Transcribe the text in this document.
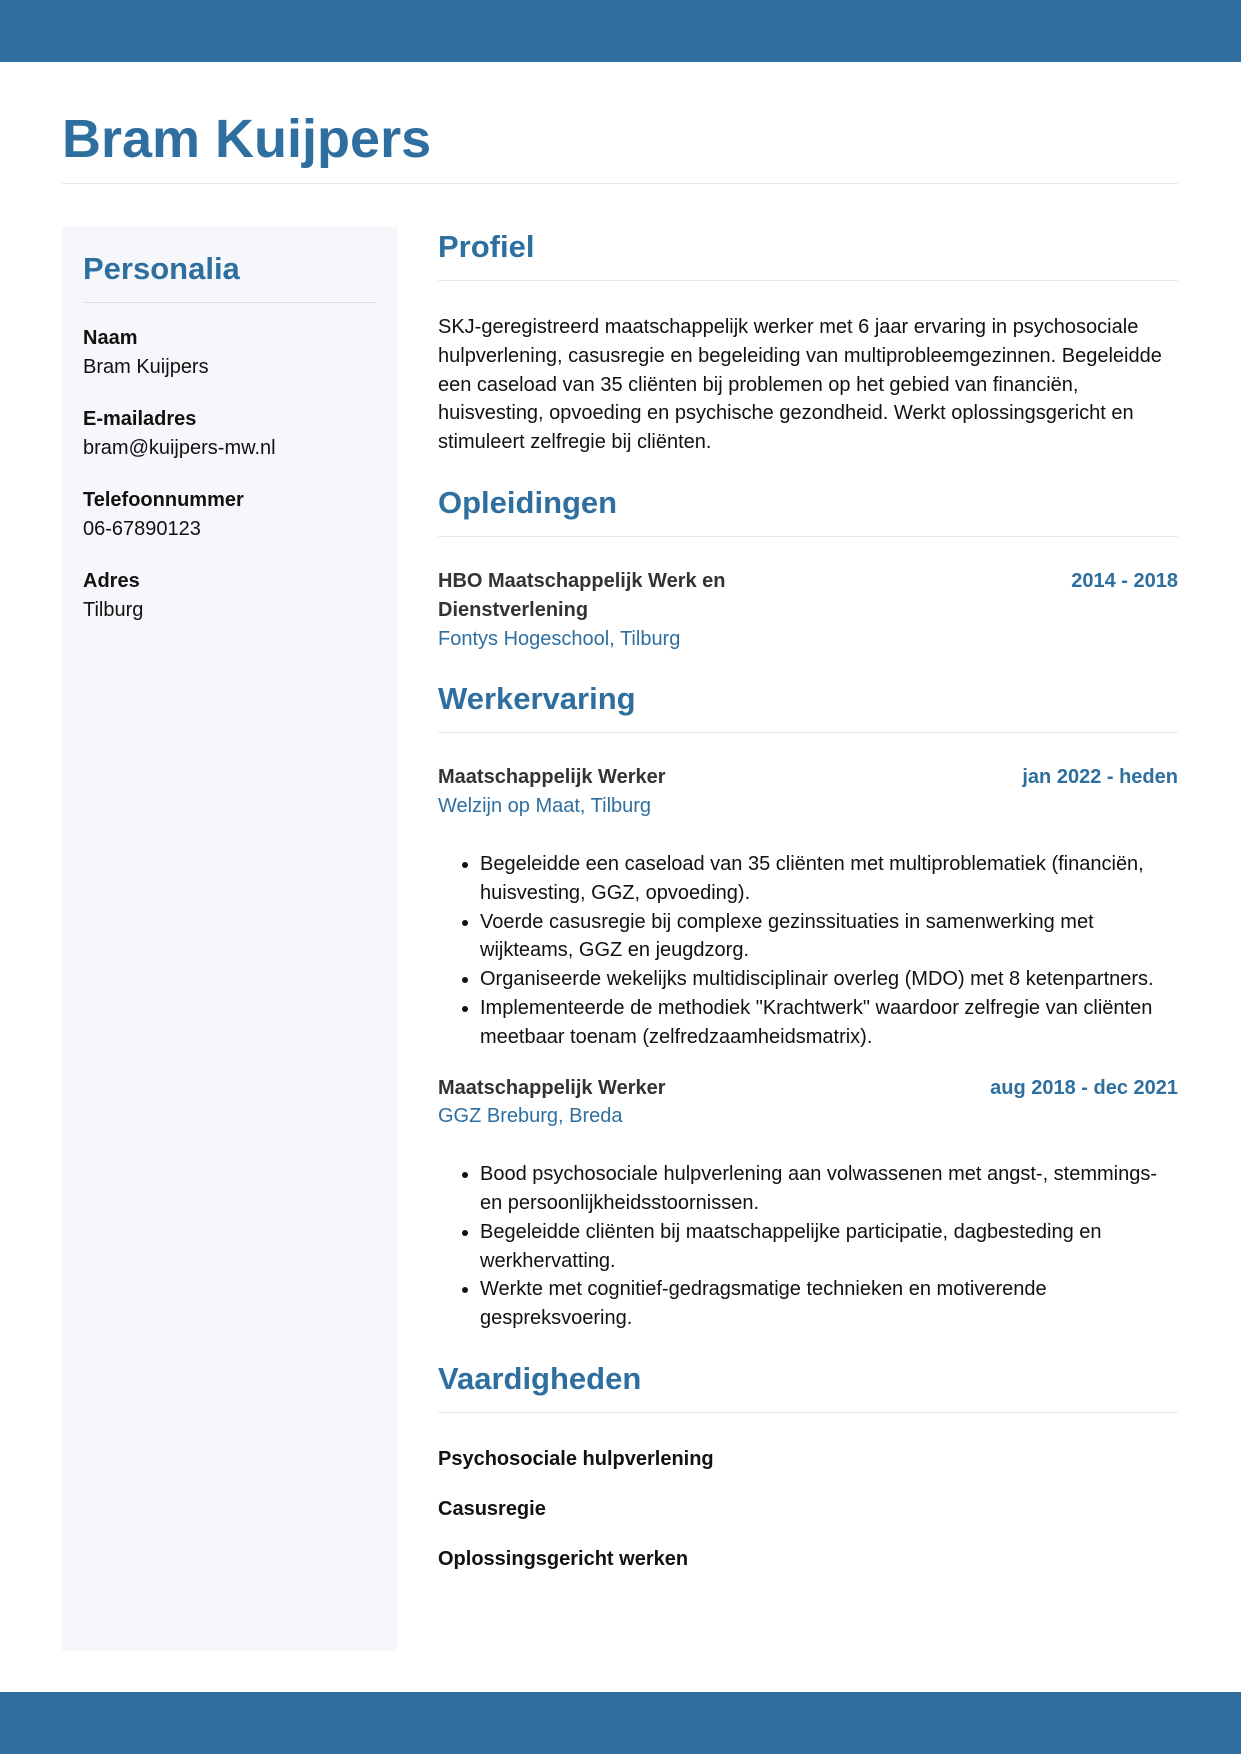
Bram Kuijpers
Personalia
Naam
Bram Kuijpers
E-mailadres
bram@kuijpers-mw.nl
Telefoonnummer
06-67890123
Adres
Tilburg
Profiel

SKJ-geregistreerd maatschappelijk werker met 6 jaar ervaring in psychosociale hulpverlening, casusregie en begeleiding van multiprobleemgezinnen. Begeleidde een caseload van 35 cliënten bij problemen op het gebied van financiën, huisvesting, opvoeding en psychische gezondheid. Werkt oplossingsgericht en stimuleert zelfregie bij cliënten.

Opleidingen
HBO Maatschappelijk Werk en Dienstverlening
2014 - 2018
Fontys Hogeschool, Tilburg
Werkervaring
Maatschappelijk Werker	jan 2022 - heden
Welzijn op Maat, Tilburg
• Begeleidde een caseload van 35 cliënten met multiproblematiek (financiën, huisvesting, GGZ, opvoeding).
• Voerde casusregie bij complexe gezinssituaties in samenwerking met wijkteams, GGZ en jeugdzorg.
• Organiseerde wekelijks multidisciplinair overleg (MDO) met 8 ketenpartners.
• Implementeerde de methodiek "Krachtwerk" waardoor zelfregie van cliënten meetbaar toenam (zelfredzaamheidsmatrix).
Maatschappelijk Werker	aug 2018 - dec 2021
GGZ Breburg, Breda
• Bood psychosociale hulpverlening aan volwassenen met angst-, stemmings- en persoonlijkheidsstoornissen.
• Begeleidde cliënten bij maatschappelijke participatie, dagbesteding en werkhervatting.
• Werkte met cognitief-gedragsmatige technieken en motiverende gespreksvoering.
Vaardigheden
Psychosociale hulpverlening
Casusregie
Oplossingsgericht werken
